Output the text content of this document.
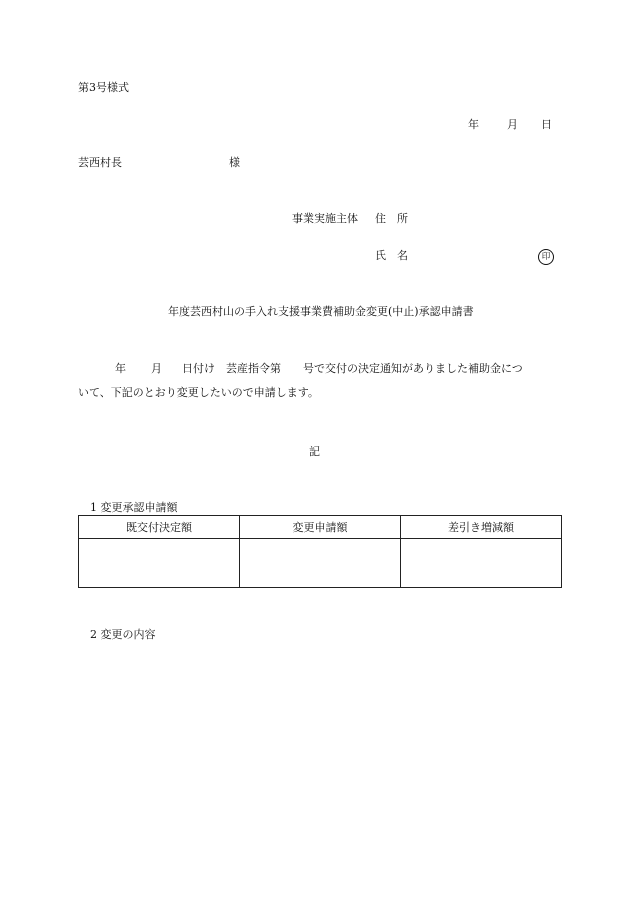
第3号様式
年	月 日
芸西村長	様
事業実施主体 住　所
氏　名	印
年度芸西村山の手入れ支援事業費補助金変更(中止)承認申請書
年 月 日付け 芸産指令第 号で交付の決定通知がありました補助金につ
いて、下記のとおり変更したいので申請します。
記
1 変更承認申請額
既交付決定額	変更申請額	差引き増減額

2 変更の内容
